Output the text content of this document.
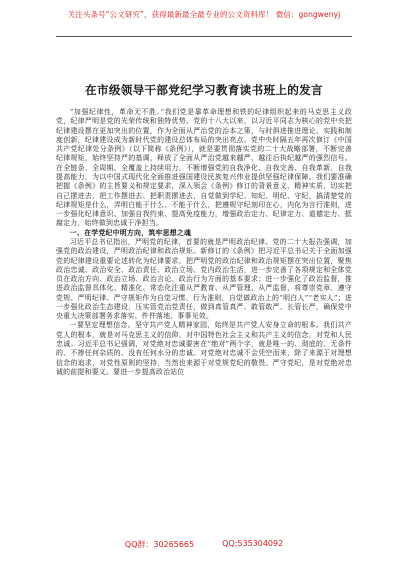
关注头条号“公文研究”，获得最新最全最专业的公文资料库！ 微信：gongwenyj
在市级领导干部党纪学习教育读书班上的发言

“加强纪律性，革命无不胜。”我们党是靠革命理想和铁的纪律组织起来的马克思主义政党，纪律严明是党的光荣传统和独特优势。党的十八大以来，以习近平同志为核心的党中央把纪律建设摆在更加突出的位置，作为全面从严治党的治本之策，与时俱进推进理论、实践和制度创新，纪律建设成为新时代党的建设总体布局的突出亮点。党中央时隔五年再次修订《中国共产党纪律处分条例》（以下简称《条例》），就是要贯彻落实党的二十大战略部署，不断完善纪律规矩，始终坚持严的基调，释放了全面从严治党越来越严、越往后执纪越严的强烈信号。在全链条、全周期、全覆盖上持续用力，不断增强党的自我净化、自我完善、自我革新、自我提高能力，为以中国式现代化全面推进强国建设民族复兴伟业提供坚强纪律保障。我们要准确把握《条例》的主旨要义和规定要求，深入领会《条例》修订的背景意义、精神实质，切实把自己摆进去、把工作摆进去、把职责摆进去，自觉做到学纪、知纪、明纪、守纪，搞清楚党的纪律规矩是什么，弄明白能干什么、不能干什么，把遵规守纪刻印在心，内化为言行准则，进一步强化纪律意识、加强自我约束、提高免疫能力，增强政治定力、纪律定力、道德定力、抵腐定力，始终做到忠诚干净担当。

一、在学党纪中明方向，筑牢思想之魂

习近平总书记指出，严明党的纪律，首要的就是严明政治纪律。党的二十大报告强调，加强党的政治建设，严明政治纪律和政治规矩。新修订的《条例》把习近平总书记关于全面加强党的纪律建设重要论述转化为纪律要求，把严明党的政治纪律和政治规矩摆在突出位置，聚焦政治忠诚、政治安全、政治责任、政治立场、党内政治生活，进一步完善了各项规定和全体党员在政治方向、政治立场、政治言论、政治行为方面的基本要求；进一步强化了政治监督，推进政治监督具体化、精准化、常态化注重从严教育、从严管理、从严监督，将尊崇党章、遵守党规、严明纪律、严守规矩作为自觉习惯、行为准则，自觉做政治上的“明白人”“老实人”；进一步强化政治生态建设，压实管党治党责任，做到真管真严、敢管敢严、长管长严，确保党中央重大决策部署务求落实、件件落地、事事见效。

一要坚定理想信念。坚守共产党人精神家园，始终是共产党人安身立命的根本。我们共产党人的根本，就是对马克思主义的信仰，对中国特色社会主义和共产主义的信念，对党和人民忠诚。习近平总书记强调，对党绝对忠诚要害在“绝对”两个字，就是唯一的、彻底的、无条件的、不掺任何杂质的、没有任何水分的忠诚。对党绝对忠诚不会凭空而来，除了来源于对理想信念的追求，对党性原则的坚持，当然也来源于对党规党纪的敬畏。严守党纪，是对党绝对忠诚的前提和要义。要进一步提高政治站位

QQ群：30265665	QQ:535304092
